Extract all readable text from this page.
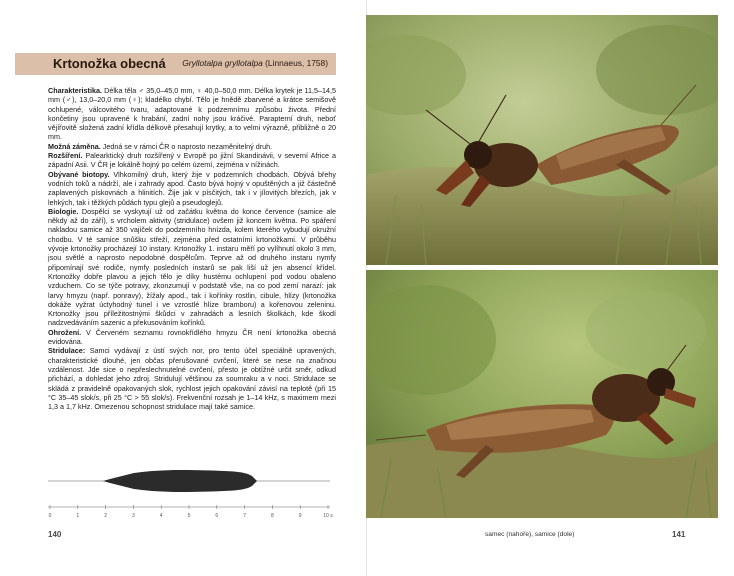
Krtonožka obecná Gryllotalpa gryllotalpa (Linnaeus, 1758)

Charakteristika. Délka těla ♂ 35,0–45,0 mm, ♀ 40,0–50,0 mm. Délka krytek je 11,5–14,5 mm (♂), 13,0–20,0 mm (♀); kladélko chybí. Tělo je hnědě zbarvené a krátce semišově ochlupené, válcovitého tvaru, adaptované k podzemnímu způsobu života. Přední končetiny jsou upravené k hrabání, zadní nohy jsou kráčivé. Parapterní druh, neboť vějířovitě složená zadní křídla délkově přesahují krytky, a to velmi výrazně, přibližně o 20 mm.

Možná záměna. Jedná se v rámci ČR o naprosto nezaměnitelný druh.

Rozšíření. Palearktický druh rozšířený v Evropě po jižní Skandinávii, v severní Africe a západní Asii. V ČR je lokálně hojný po celém území, zejména v nížinách.

Obývané biotopy. Vlhkomilný druh, který žije v podzemních chodbách. Obývá břehy vodních toků a nádrží, ale i zahrady apod. Často bývá hojný v opuštěných a již částečně zaplavených pískovnách a hlinitích. Žije jak v písčitých, tak i v jílovitých březích, jak v lehkých, tak i těžkých půdách typu glejů a pseudoglejů.

Biologie. Dospělci se vyskytují už od začátku května do konce července (samice ale někdy až do září), s vrcholem aktivity (stridulace) ovšem již koncem května. Po spáření nakladou samice až 350 vajíček do podzemního hnízda, kolem kterého vybudují okružní chodbu. V té samice snůšku střeží, zejména před ostatními krtonožkami. V průběhu vývoje krtonožky procházejí 10 instary. Krtonožky 1. instaru měří po vylíhnutí okolo 3 mm, jsou světlé a naprosto nepodobné dospělcům. Teprve až od druhého instaru nymfy připomínají své rodiče, nymfy posledních instarů se pak liší už jen absencí křídel. Krtonožky dobře plavou a jejich tělo je díky hustému ochlupení pod vodou obaleno vzduchem. Co se týče potravy, zkonzumují v podstatě vše, na co pod zemí narazí: jak larvy hmyzu (např. ponravy), žížaly apod., tak i kořínky rostlin, cibule, hlízy (krtonožka dokáže vyžrat úctyhodný tunel i ve vzrostlé hlíze bramboru) a kořenovou zeleninu. Krtonožky jsou příležitostnými škůdci v zahradách a lesních školkách, kde škodí nadzvedáváním sazenic a překusováním kořínků.

Ohrožení. V Červeném seznamu rovnokřídlého hmyzu ČR není krtonožka obecná evidována.

Stridulace: Samci vydávají z ústí svých nor, pro tento účel speciálně upravených, charakteristické dlouhé, jen občas přerušované cvrčení, které se nese na značnou vzdálenost. Jde sice o nepřeslechnutelné cvrčení, přesto je obtížné určit směr, odkud přichází, a dohledat jeho zdroj. Stridulují většinou za soumraku a v noci. Stridulace se skládá z pravidelně opakovaných slok, rychlost jejich opakování závisí na teplotě (při 15 °C 35–45 slok/s, při 25 °C > 55 slok/s). Frekvenční rozsah je 1–14 kHz, s maximem mezi 1,3 a 1,7 kHz. Omezenou schopnost stridulace mají také samice.

0	1	2	3	4	5	6	7	8	9	10 s
140	samec (nahoře), samice (dole)	141
